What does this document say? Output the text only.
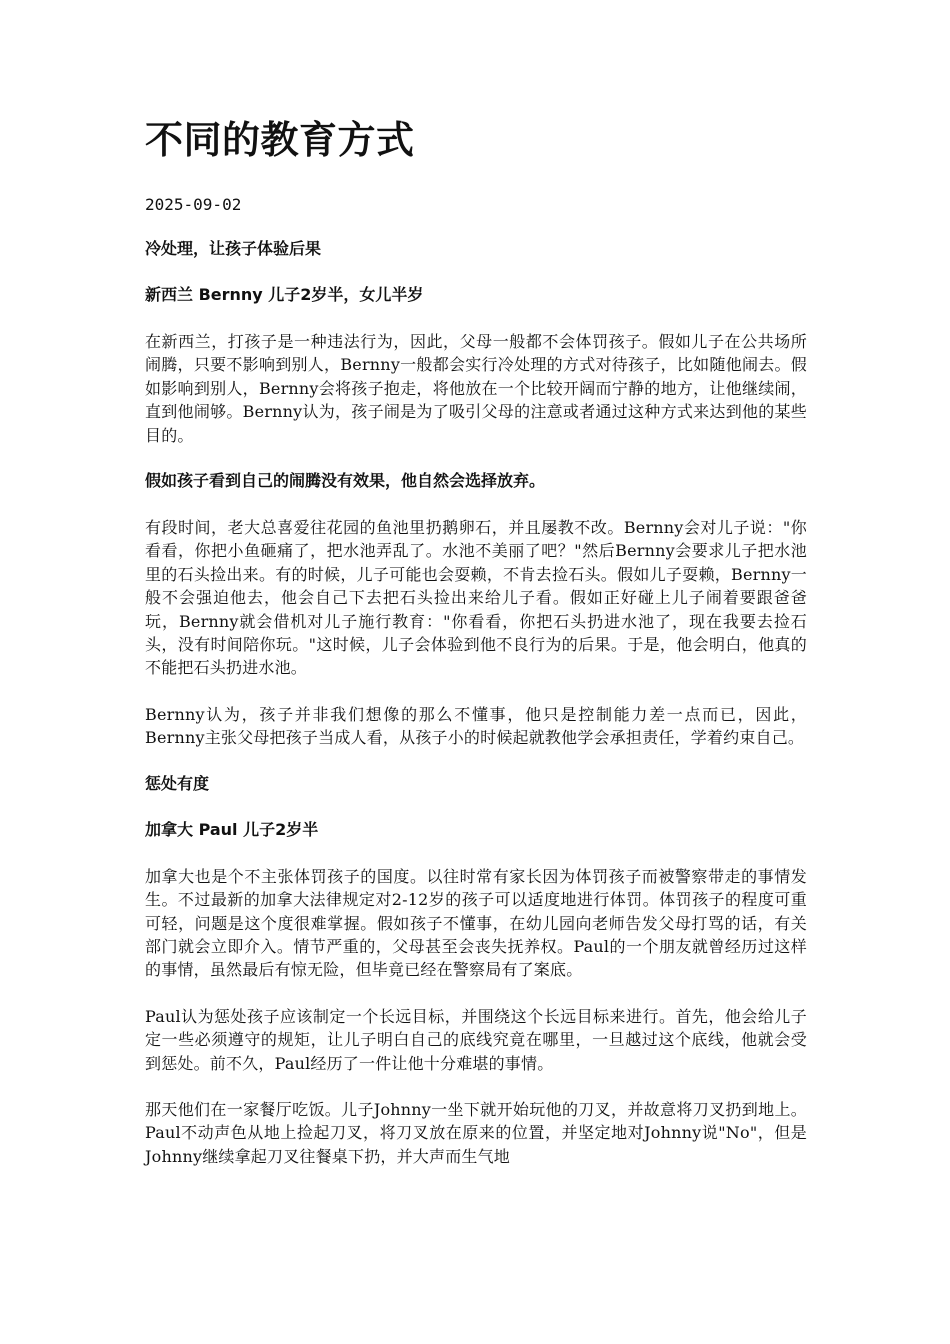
不同的教育方式
2025-09-02
冷处理，让孩子体验后果
新西兰 Bernny 儿子2岁半，女儿半岁

在新西兰，打孩子是一种违法行为，因此，父母一般都不会体罚孩子。假如儿子在公共场所闹腾，只要不影响到别人，Bernny一般都会实行冷处理的方式对待孩子，比如随他闹去。假如影响到别人，Bernny会将孩子抱走，将他放在一个比较开阔而宁静的地方，让他继续闹，直到他闹够。Bernny认为，孩子闹是为了吸引父母的注意或者通过这种方式来达到他的某些目的。

假如孩子看到自己的闹腾没有效果，他自然会选择放弃。

有段时间，老大总喜爱往花园的鱼池里扔鹅卵石，并且屡教不改。Bernny会对儿子说："你看看，你把小鱼砸痛了，把水池弄乱了。水池不美丽了吧？"然后Bernny会要求儿子把水池里的石头捡出来。有的时候，儿子可能也会耍赖，不肯去捡石头。假如儿子耍赖，Bernny一般不会强迫他去，他会自己下去把石头捡出来给儿子看。假如正好碰上儿子闹着要跟爸爸玩，Bernny就会借机对儿子施行教育："你看看，你把石头扔进水池了，现在我要去捡石头，没有时间陪你玩。"这时候，儿子会体验到他不良行为的后果。于是，他会明白，他真的不能把石头扔进水池。

Bernny认为，孩子并非我们想像的那么不懂事，他只是控制能力差一点而已，因此，Bernny主张父母把孩子当成人看，从孩子小的时候起就教他学会承担责任，学着约束自己。

惩处有度
加拿大 Paul 儿子2岁半

加拿大也是个不主张体罚孩子的国度。以往时常有家长因为体罚孩子而被警察带走的事情发生。不过最新的加拿大法律规定对2-12岁的孩子可以适度地进行体罚。体罚孩子的程度可重可轻，问题是这个度很难掌握。假如孩子不懂事，在幼儿园向老师告发父母打骂的话，有关部门就会立即介入。情节严重的，父母甚至会丧失抚养权。Paul的一个朋友就曾经历过这样的事情，虽然最后有惊无险，但毕竟已经在警察局有了案底。

Paul认为惩处孩子应该制定一个长远目标，并围绕这个长远目标来进行。首先，他会给儿子定一些必须遵守的规矩，让儿子明白自己的底线究竟在哪里，一旦越过这个底线，他就会受到惩处。前不久，Paul经历了一件让他十分难堪的事情。

那天他们在一家餐厅吃饭。儿子Johnny一坐下就开始玩他的刀叉，并故意将刀叉扔到地上。Paul不动声色从地上捡起刀叉，将刀叉放在原来的位置，并坚定地对Johnny说"No"，但是Johnny继续拿起刀叉往餐桌下扔，并大声而生气地
